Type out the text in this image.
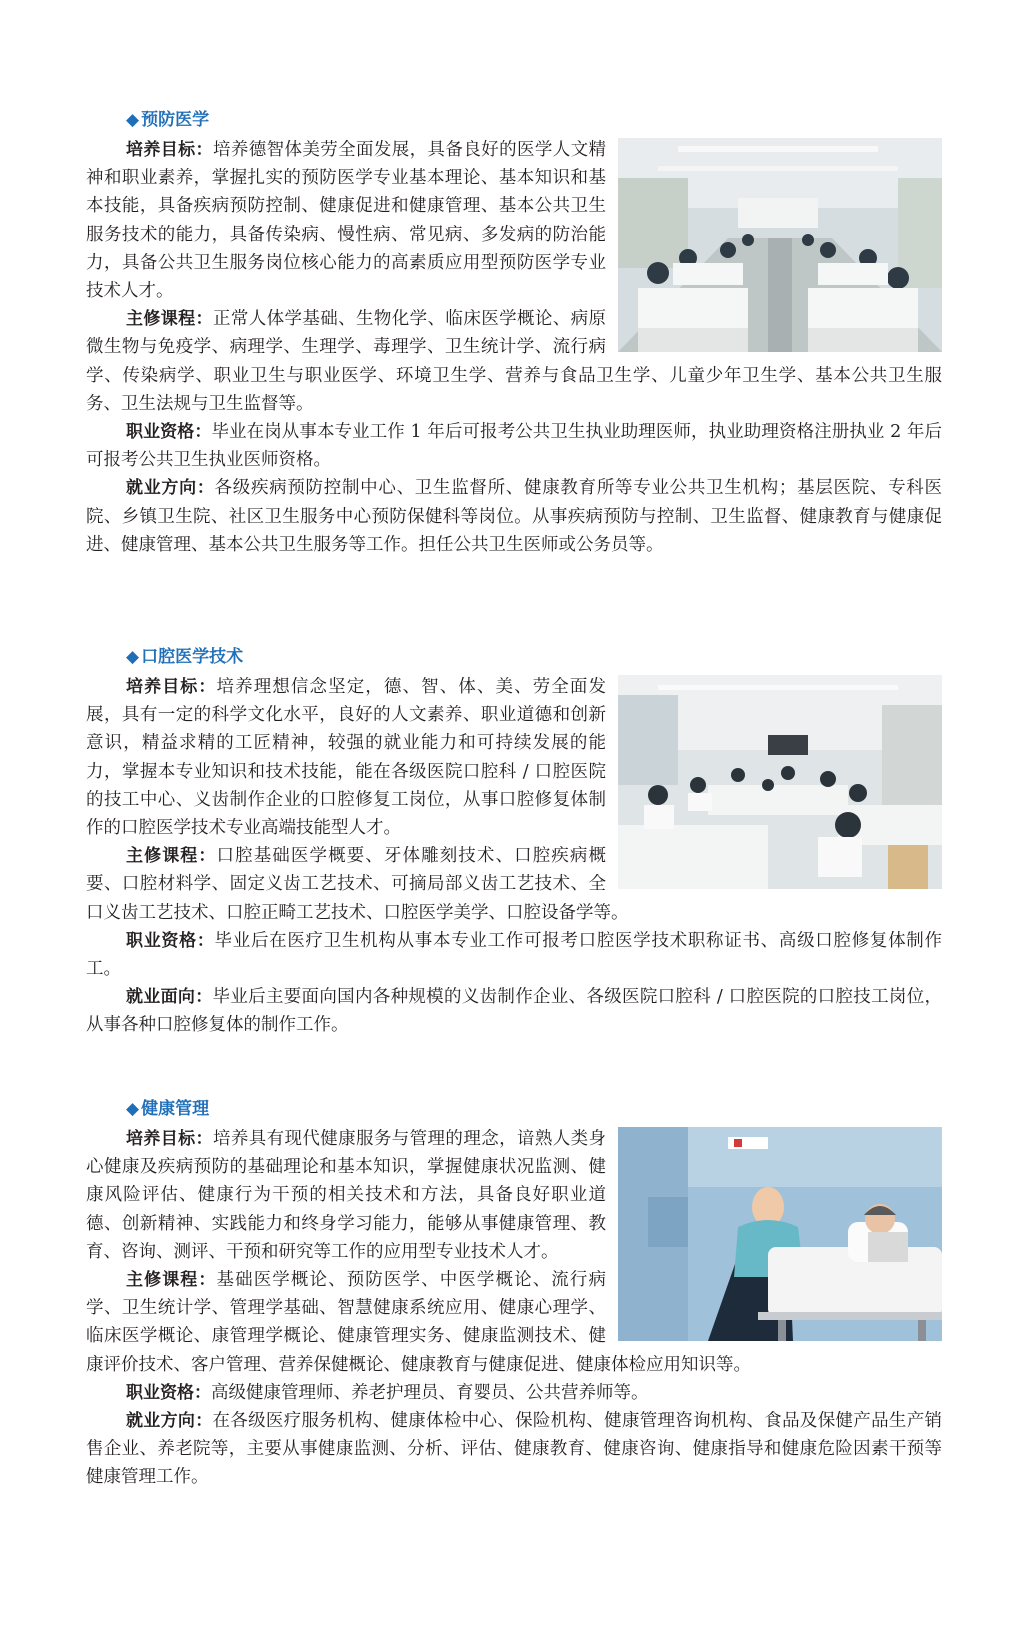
◆ 预防医学

培养目标：培养德智体美劳全面发展，具备良好的医学人文精神和职业素养，掌握扎实的预防医学专业基本理论、基本知识和基本技能，具备疾病预防控制、健康促进和健康管理、基本公共卫生服务技术的能力，具备传染病、慢性病、常见病、多发病的防治能力，具备公共卫生服务岗位核心能力的高素质应用型预防医学专业技术人才。

主修课程：正常人体学基础、生物化学、临床医学概论、病原微生物与免疫学、病理学、生理学、毒理学、卫生统计学、流行病学、传染病学、职业卫生与职业医学、环境卫生学、营养与食品卫生学、儿童少年卫生学、基本公共卫生服务、卫生法规与卫生监督等。

职业资格：毕业在岗从事本专业工作 1 年后可报考公共卫生执业助理医师，执业助理资格注册执业 2 年后可报考公共卫生执业医师资格。

就业方向：各级疾病预防控制中心、卫生监督所、健康教育所等专业公共卫生机构；基层医院、专科医院、乡镇卫生院、社区卫生服务中心预防保健科等岗位。从事疾病预防与控制、卫生监督、健康教育与健康促进、健康管理、基本公共卫生服务等工作。担任公共卫生医师或公务员等。

◆ 口腔医学技术

培养目标：培养理想信念坚定，德、智、体、美、劳全面发展，具有一定的科学文化水平，良好的人文素养、职业道德和创新意识，精益求精的工匠精神，较强的就业能力和可持续发展的能力，掌握本专业知识和技术技能，能在各级医院口腔科 / 口腔医院的技工中心、义齿制作企业的口腔修复工岗位，从事口腔修复体制作的口腔医学技术专业高端技能型人才。

主修课程：口腔基础医学概要、牙体雕刻技术、口腔疾病概要、口腔材料学、固定义齿工艺技术、可摘局部义齿工艺技术、全口义齿工艺技术、口腔正畸工艺技术、口腔医学美学、口腔设备学等。

职业资格：毕业后在医疗卫生机构从事本专业工作可报考口腔医学技术职称证书、高级口腔修复体制作工。

就业面向：毕业后主要面向国内各种规模的义齿制作企业、各级医院口腔科 / 口腔医院的口腔技工岗位，从事各种口腔修复体的制作工作。

◆ 健康管理

培养目标：培养具有现代健康服务与管理的理念，谙熟人类身心健康及疾病预防的基础理论和基本知识，掌握健康状况监测、健康风险评估、健康行为干预的相关技术和方法，具备良好职业道德、创新精神、实践能力和终身学习能力，能够从事健康管理、教育、咨询、测评、干预和研究等工作的应用型专业技术人才。

主修课程：基础医学概论、预防医学、中医学概论、流行病学、卫生统计学、管理学基础、智慧健康系统应用、健康心理学、临床医学概论、康管理学概论、健康管理实务、健康监测技术、健康评价技术、客户管理、营养保健概论、健康教育与健康促进、健康体检应用知识等。

职业资格：高级健康管理师、养老护理员、育婴员、公共营养师等。

就业方向：在各级医疗服务机构、健康体检中心、保险机构、健康管理咨询机构、食品及保健产品生产销售企业、养老院等，主要从事健康监测、分析、评估、健康教育、健康咨询、健康指导和健康危险因素干预等健康管理工作。
